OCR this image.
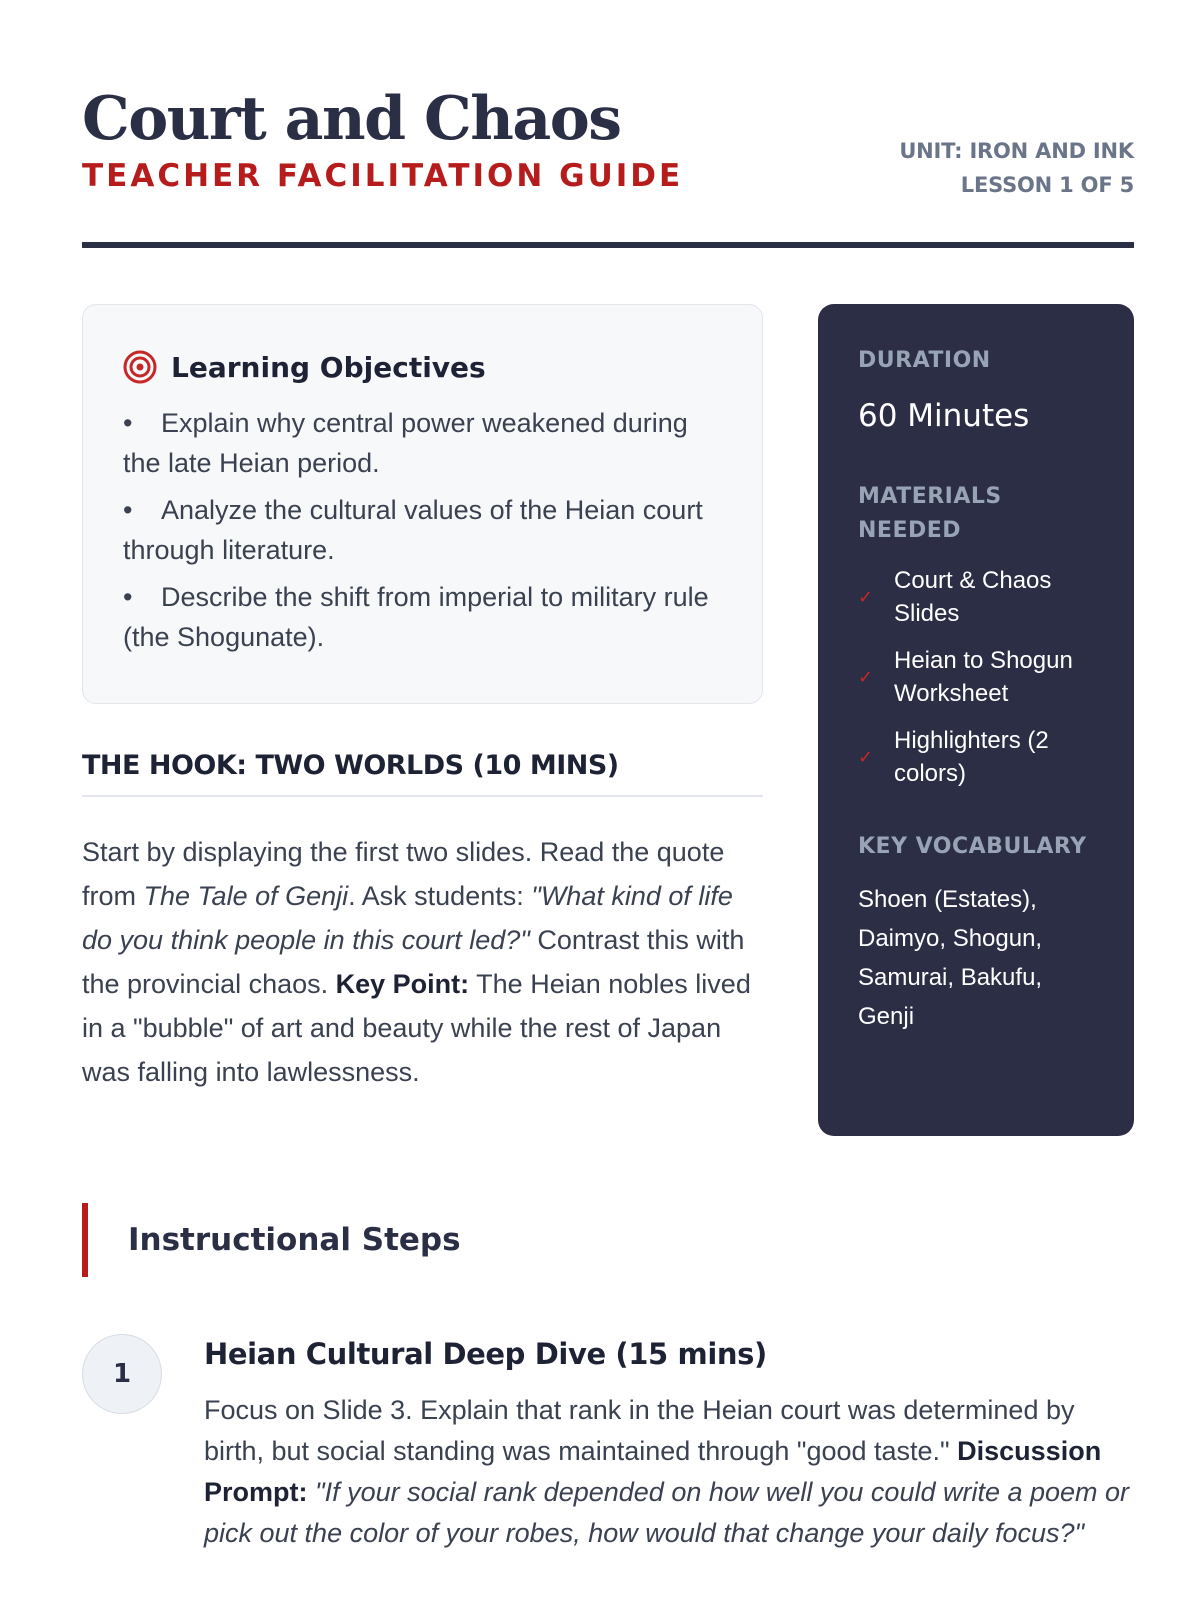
Court and Chaos
TEACHER FACILITATION GUIDE
UNIT: IRON AND INK
LESSON 1 OF 5
Learning Objectives
• Explain why central power weakened during the late Heian period.
• Analyze the cultural values of the Heian court through literature.
• Describe the shift from imperial to military rule (the Shogunate).
DURATION
60 Minutes
MATERIALS NEEDED
✓
Court & Chaos Slides
✓
Heian to Shogun Worksheet
✓
Highlighters (2 colors)
KEY VOCABULARY
Shoen (Estates), Daimyo, Shogun, Samurai, Bakufu, Genji
THE HOOK: TWO WORLDS (10 MINS)
Start by displaying the first two slides. Read the quote from The Tale of Genji. Ask students: "What kind of life do you think people in this court led?" Contrast this with the provincial chaos. Key Point: The Heian nobles lived in a "bubble" of art and beauty while the rest of Japan was falling into lawlessness.
Instructional Steps
1
Heian Cultural Deep Dive (15 mins)
Focus on Slide 3. Explain that rank in the Heian court was determined by birth, but social standing was maintained through "good taste." Discussion Prompt: "If your social rank depended on how well you could write a poem or pick out the color of your robes, how would that change your daily focus?"
